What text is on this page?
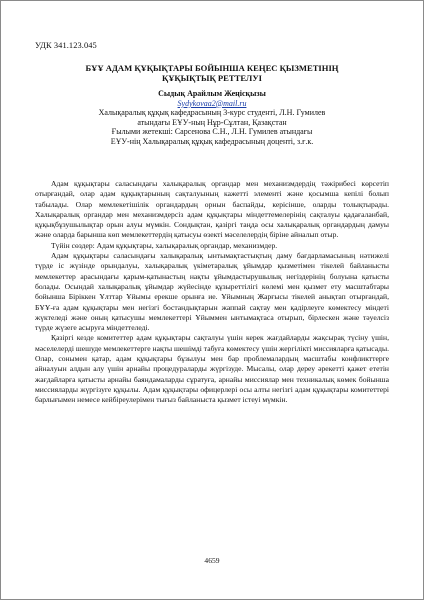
УДК 341.123.045
БҰҰ АДАМ ҚҰҚЫҚТАРЫ БОЙЫНША КЕҢЕС ҚЫЗМЕТІНІҢ
ҚҰҚЫҚТЫҚ РЕТТЕЛУІ
Сыдық Арайлым Жеңісқызы
Sydykovaa2@mail.ru
Халықаралық құқық кафедрасының 3-курс студенті, Л.Н. Гумилев
атындағы ЕҰУ-ның Нұр-Сұлтан, Қазақстан
Ғылыми жетекші: Сарсенова С.Н., Л.Н. Гумилев атындағы
ЕҰУ-нің Халықаралық құқық кафедрасының доценті, з.ғ.к.

Адам құқықтары саласындағы халықаралық органдар мен механизмдердің тәжірибесі көрсетіп отырғандай, олар адам құқықтарының сақталуының кажетті элементі және қосымша кепілі болып табылады. Олар мемлекетішілік органдардың орнын баспайды, керісінше, оларды толықтырады. Халықаралық органдар мен механизмдерсіз адам құқықтары міндеттемелерінің сақталуы қадағаланбай, құқықбұзушылықтар орын алуы мүмкін. Сондықтан, қазіргі таңда осы халықаралық органдардың дамуы және оларда барынша көп мемлекеттердің қатысуы өзекті мәселелердің біріне айналып отыр.

Түйін сөздер: Адам құқықтары, халықаралық органдар, механизмдер.

Адам құқықтары саласындағы халықаралық ынтымақтастықтың даму бағдарламасының нәтижелі түрде іс жүзінде орындалуы, халықаралық үкіметаралық ұйымдар қызметімен тікелей байланысты мемлекеттер арасындағы қарым-қатынастың нақты ұйымдастырушылық негіздерінің болуына қатысты болады. Осындай халықаралық ұйымдар жүйесінде құзыреттілігі көлемі мен қызмет ету масштабтары бойынша Біріккен Ұлттар Ұйымы ерекше орынға ие. Ұйымның Жарғысы тікелей анықтап отырғандай, БҰҰ-ға адам құқықтары мен негізгі бостандықтарын жаппай сақтау мен қадірлеуге көмектесу міндеті жүктеледі және оның қатысушы мемлекеттері Ұйыммен ынтымақтаса отырып, бірлескен және тәуелсіз түрде жүзеге асыруға міндеттеледі.

Қазіргі кезде комитеттер адам құқықтары сақталуы үшін керек жағдайларды жақсырақ түсіну үшін, мәселелерді шешуде мемлекеттерге нақты шешімді табуға көмектесу үшін жергілікті миссияларға қатысады. Олар, сонымен қатар, адам құқықтары бұзылуы мен бар проблемалардың масштабы конфликттерге айналуын алдын алу үшін арнайы процедураларды жүргізуде. Мысалы, олар дереу әрекетті қажет ететін жағдайларға қатысты арнайы баяндамаларды сұратуға, арнайы миссиялар мен техникалық көмек бойынша миссияларды жүргізуге құқылы. Адам құқықтары офицерлері осы алты негізгі адам құқықтары комитеттері барлығымен немесе кейбіреулерімен тығыз байланыста қызмет істеуі мүмкін.

4659
